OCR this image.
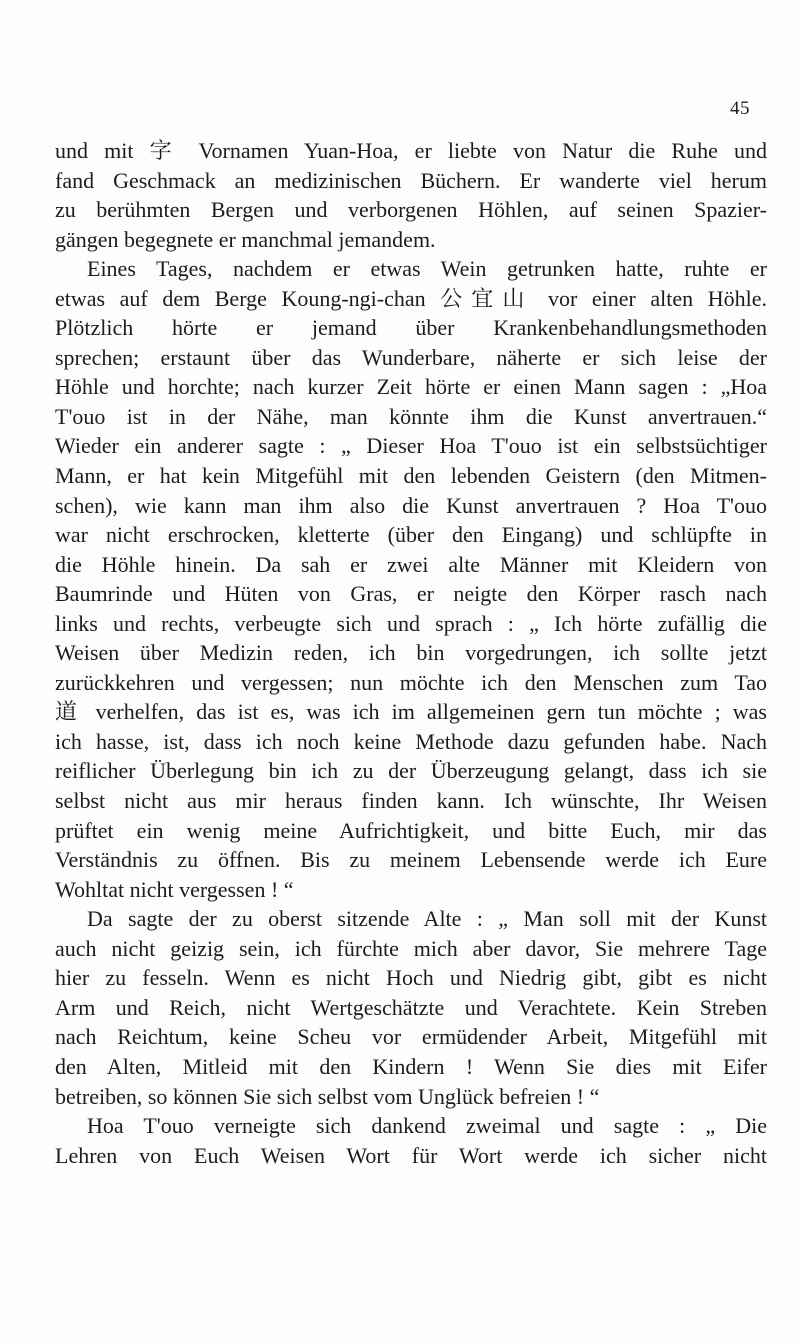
45
und mit 字 Vornamen Yuan-Hoa, er liebte von Natur die Ruhe und
fand Geschmack an medizinischen Büchern. Er wanderte viel herum
zu berühmten Bergen und verborgenen Höhlen, auf seinen Spazier-
gängen begegnete er manchmal jemandem.
Eines Tages, nachdem er etwas Wein getrunken hatte, ruhte er
etwas auf dem Berge Koung-ngi-chan 公宜山 vor einer alten Höhle.
Plötzlich hörte er jemand über Krankenbehandlungsmethoden
sprechen; erstaunt über das Wunderbare, näherte er sich leise der
Höhle und horchte; nach kurzer Zeit hörte er einen Mann sagen : „Hoa
T'ouo ist in der Nähe, man könnte ihm die Kunst anvertrauen.“
Wieder ein anderer sagte : „ Dieser Hoa T'ouo ist ein selbstsüchtiger
Mann, er hat kein Mitgefühl mit den lebenden Geistern (den Mitmen-
schen), wie kann man ihm also die Kunst anvertrauen ? Hoa T'ouo
war nicht erschrocken, kletterte (über den Eingang) und schlüpfte in
die Höhle hinein. Da sah er zwei alte Männer mit Kleidern von
Baumrinde und Hüten von Gras, er neigte den Körper rasch nach
links und rechts, verbeugte sich und sprach : „ Ich hörte zufällig die
Weisen über Medizin reden, ich bin vorgedrungen, ich sollte jetzt
zurückkehren und vergessen; nun möchte ich den Menschen zum Tao
道 verhelfen, das ist es, was ich im allgemeinen gern tun möchte ; was
ich hasse, ist, dass ich noch keine Methode dazu gefunden habe. Nach
reiflicher Überlegung bin ich zu der Überzeugung gelangt, dass ich sie
selbst nicht aus mir heraus finden kann. Ich wünschte, Ihr Weisen
prüftet ein wenig meine Aufrichtigkeit, und bitte Euch, mir das
Verständnis zu öffnen. Bis zu meinem Lebensende werde ich Eure
Wohltat nicht vergessen ! “
Da sagte der zu oberst sitzende Alte : „ Man soll mit der Kunst
auch nicht geizig sein, ich fürchte mich aber davor, Sie mehrere Tage
hier zu fesseln. Wenn es nicht Hoch und Niedrig gibt, gibt es nicht
Arm und Reich, nicht Wertgeschätzte und Verachtete. Kein Streben
nach Reichtum, keine Scheu vor ermüdender Arbeit, Mitgefühl mit
den Alten, Mitleid mit den Kindern ! Wenn Sie dies mit Eifer
betreiben, so können Sie sich selbst vom Unglück befreien ! “
Hoa T'ouo verneigte sich dankend zweimal und sagte : „ Die
Lehren von Euch Weisen Wort für Wort werde ich sicher nicht
